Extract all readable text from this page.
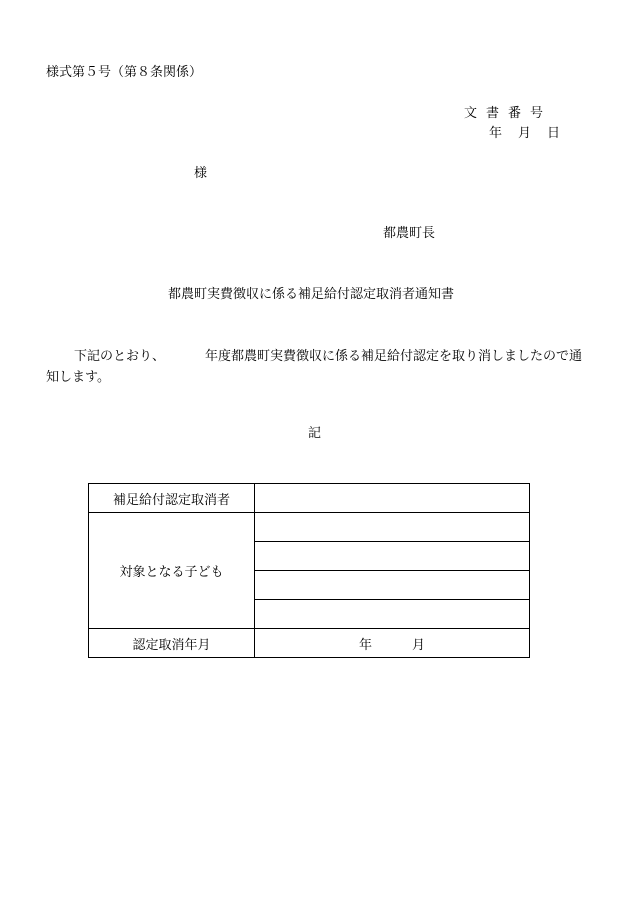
様式第５号（第８条関係）
文書番号
年 月 日
様
都農町長
都農町実費徴収に係る補足給付認定取消者通知書
下記のとおり、	年度都農町実費徴収に係る補足給付認定を取り消しましたので通知します。
記
補足給付認定取消者	
対象となる子ども	

認定取消年月	年 月
